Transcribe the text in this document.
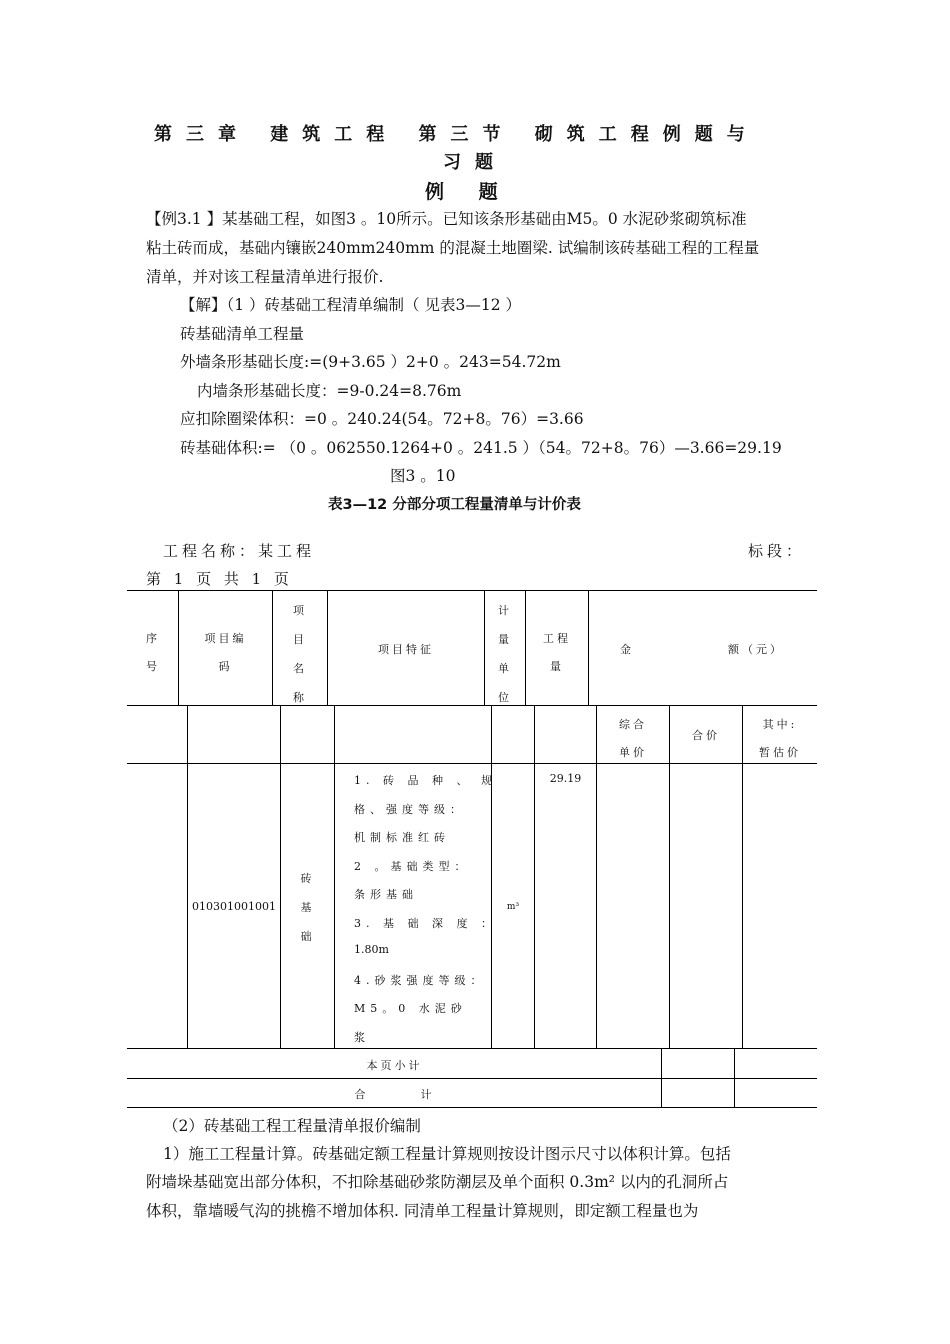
第三章 建筑工程 第三节 砌筑工程例题与
习题
例 题
【例3.1 】某基础工程，如图3 。10所示。已知该条形基础由M5。0 水泥砂浆砌筑标准
粘土砖而成，基础内镶嵌240mm240mm 的混凝土地圈梁. 试编制该砖基础工程的工程量
清单，并对该工程量清单进行报价.
【解】（1 ）砖基础工程清单编制（ 见表3—12 ）
砖基础清单工程量
外墙条形基础长度:=(9+3.65 ）2+0 。243=54.72m
内墙条形基础长度：=9-0.24=8.76m
应扣除圈梁体积：=0 。240.24(54。72+8。76）=3.66
砖基础体积:= （0 。062550.1264+0 。241.5 ）（54。72+8。76）—3.66=29.19
图3 。10
表3—12 分部分项工程量清单与计价表
工程名称：某工程	标段：
第 1 页 共 1 页
序
号
项目编
码
项
目
名
称
项目特征
计
量
单
位
工程
量
金	额（元）
综合
单价
合价
其中:
暂估价
010301001001
砖
基
础
1. 砖 品 种 、 规
格、强度等级：
机制标准红砖
2 。基础类型：
条形基础
3. 基 础 深 度 ：
1.80m
4.砂浆强度等级：
M5。0 水泥砂
浆
m³
29.19
本页小计
合        计
（2）砖基础工程工程量清单报价编制
1）施工工程量计算。砖基础定额工程量计算规则按设计图示尺寸以体积计算。包括
附墙垛基础宽出部分体积，不扣除基础砂浆防潮层及单个面积 0.3m² 以内的孔洞所占
体积，靠墙暖气沟的挑檐不增加体积. 同清单工程量计算规则，即定额工程量也为
